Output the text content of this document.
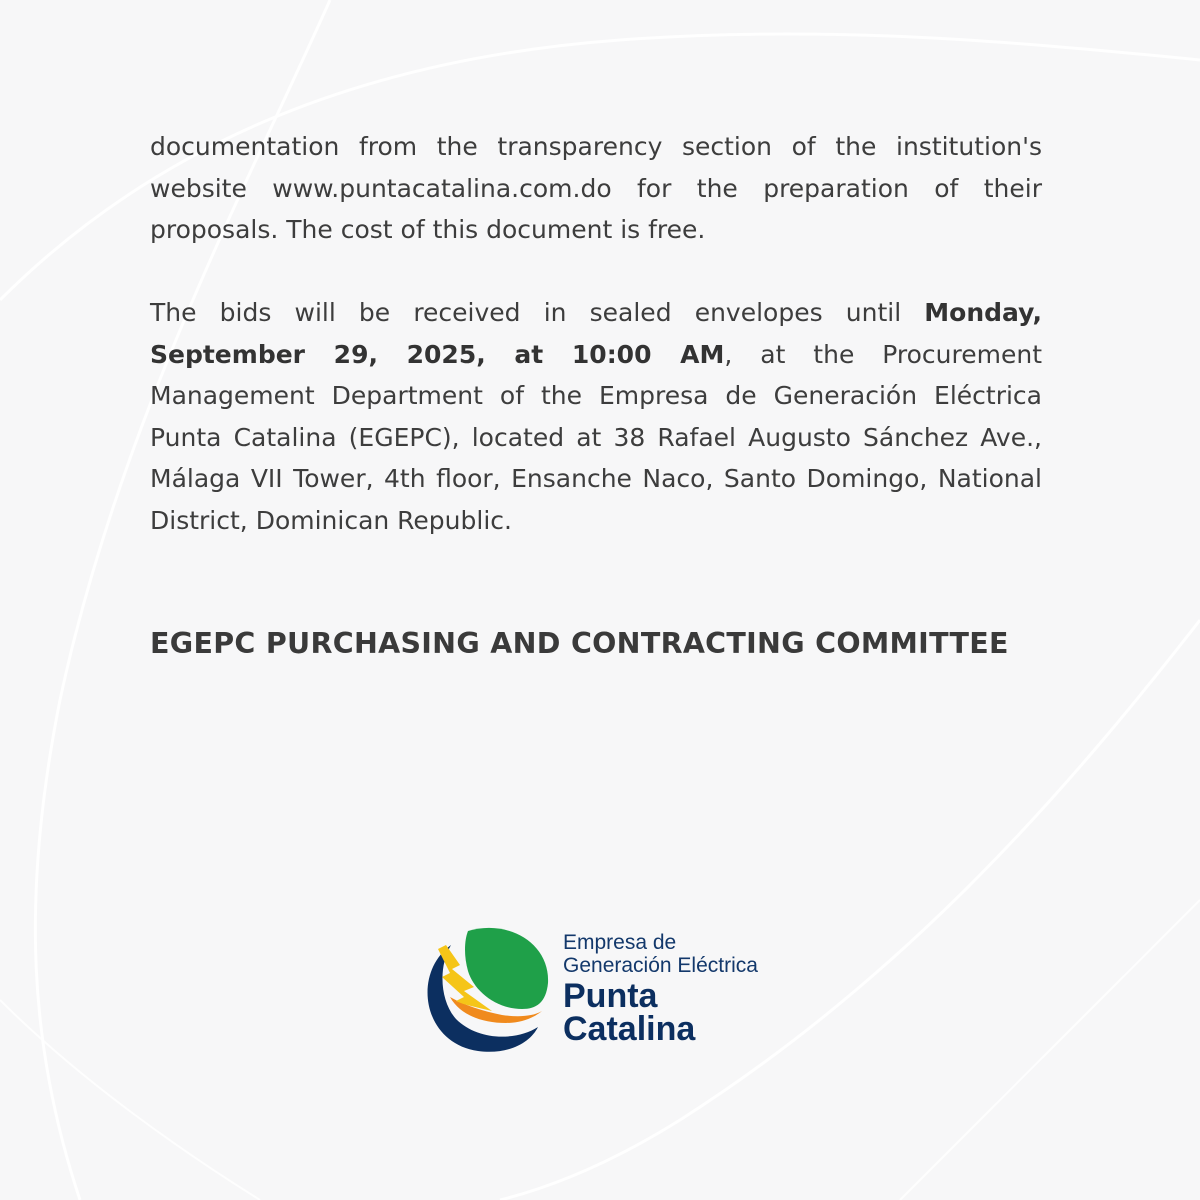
documentation from the transparency section of the institution's website www.puntacatalina.com.do for the preparation of their proposals. The cost of this document is free.

The bids will be received in sealed envelopes until Monday, September 29, 2025, at 10:00 AM, at the Procurement Management Department of the Empresa de Generación Eléctrica Punta Catalina (EGEPC), located at 38 Rafael Augusto Sánchez Ave., Málaga VII Tower, 4th floor, Ensanche Naco, Santo Domingo, National District, Dominican Republic.

EGEPC PURCHASING AND CONTRACTING COMMITTEE
Empresa de
Generación Eléctrica
Punta
Catalina
